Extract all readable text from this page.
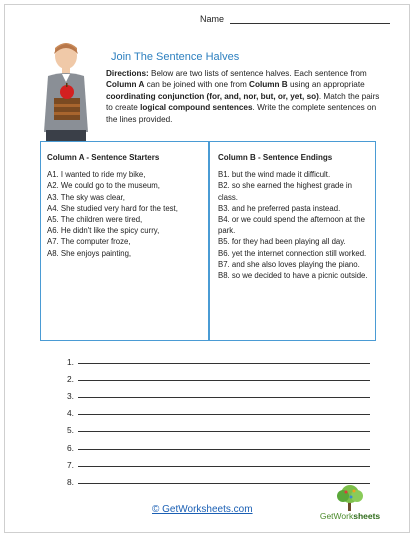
Name
Join The Sentence Halves
Directions: Below are two lists of sentence halves. Each sentence from Column A can be joined with one from Column B using an appropriate coordinating conjunction (for, and, nor, but, or, yet, so). Match the pairs to create logical compound sentences. Write the complete sentences on the lines provided.
Column A - Sentence Starters

A1. I wanted to ride my bike,

A2. We could go to the museum,

A3. The sky was clear,

A4. She studied very hard for the test,

A5. The children were tired,

A6. He didn't like the spicy curry,

A7. The computer froze,

A8. She enjoys painting,

Column B - Sentence Endings

B1. but the wind made it difficult.

B2. so she earned the highest grade in class.

B3. and he preferred pasta instead.

B4. or we could spend the afternoon at the park.

B5. for they had been playing all day.

B6. yet the internet connection still worked.

B7. and she also loves playing the piano.

B8. so we decided to have a picnic outside.

1.
2.
3.
4.
5.
6.
7.
8.
© GetWorksheets.com
GetWorksheets
